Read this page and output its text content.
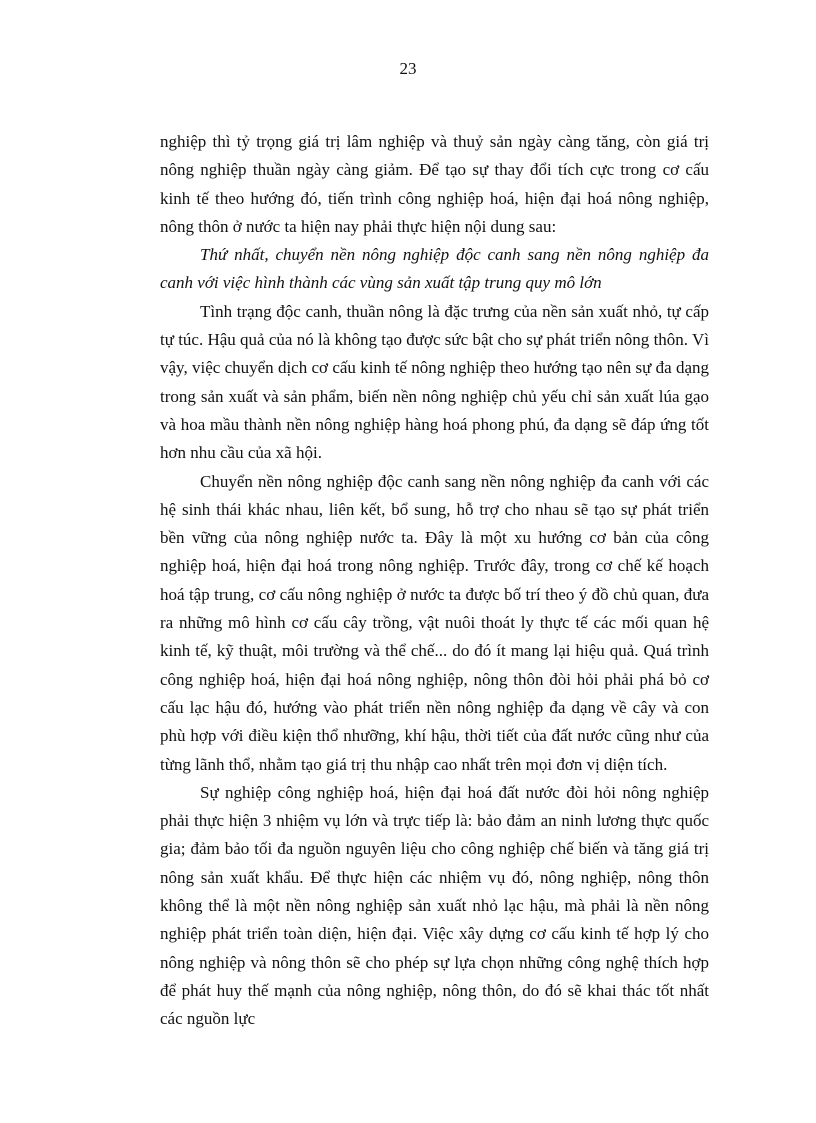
23

nghiệp thì tỷ trọng giá trị lâm nghiệp và thuỷ sản ngày càng tăng, còn giá trị nông nghiệp thuần ngày càng giảm. Để tạo sự thay đổi tích cực trong cơ cấu kinh tế theo hướng đó, tiến trình công nghiệp hoá, hiện đại hoá nông nghiệp, nông thôn ở nước ta hiện nay phải thực hiện nội dung sau:

Thứ nhất, chuyển nền nông nghiệp độc canh sang nền nông nghiệp đa canh với việc hình thành các vùng sản xuất tập trung quy mô lớn

Tình trạng độc canh, thuần nông là đặc trưng của nền sản xuất nhỏ, tự cấp tự túc. Hậu quả của nó là không tạo được sức bật cho sự phát triển nông thôn. Vì vậy, việc chuyển dịch cơ cấu kinh tế nông nghiệp theo hướng tạo nên sự đa dạng trong sản xuất và sản phẩm, biến nền nông nghiệp chủ yếu chỉ sản xuất lúa gạo và hoa mầu thành nền nông nghiệp hàng hoá phong phú, đa dạng sẽ đáp ứng tốt hơn nhu cầu của xã hội.

Chuyển nền nông nghiệp độc canh sang nền nông nghiệp đa canh với các hệ sinh thái khác nhau, liên kết, bổ sung, hỗ trợ cho nhau sẽ tạo sự phát triển bền vững của nông nghiệp nước ta. Đây là một xu hướng cơ bản của công nghiệp hoá, hiện đại hoá trong nông nghiệp. Trước đây, trong cơ chế kế hoạch hoá tập trung, cơ cấu nông nghiệp ở nước ta được bố trí theo ý đồ chủ quan, đưa ra những mô hình cơ cấu cây trồng, vật nuôi thoát ly thực tế các mối quan hệ kinh tế, kỹ thuật, môi trường và thể chế... do đó ít mang lại hiệu quả. Quá trình công nghiệp hoá, hiện đại hoá nông nghiệp, nông thôn đòi hỏi phải phá bỏ cơ cấu lạc hậu đó, hướng vào phát triển nền nông nghiệp đa dạng về cây và con phù hợp với điều kiện thổ nhưỡng, khí hậu, thời tiết của đất nước cũng như của từng lãnh thổ, nhằm tạo giá trị thu nhập cao nhất trên mọi đơn vị diện tích.

Sự nghiệp công nghiệp hoá, hiện đại hoá đất nước đòi hỏi nông nghiệp phải thực hiện 3 nhiệm vụ lớn và trực tiếp là: bảo đảm an ninh lương thực quốc gia; đảm bảo tối đa nguồn nguyên liệu cho công nghiệp chế biến và tăng giá trị nông sản xuất khẩu. Để thực hiện các nhiệm vụ đó, nông nghiệp, nông thôn không thể là một nền nông nghiệp sản xuất nhỏ lạc hậu, mà phải là nền nông nghiệp phát triển toàn diện, hiện đại. Việc xây dựng cơ cấu kinh tế hợp lý cho nông nghiệp và nông thôn sẽ cho phép sự lựa chọn những công nghệ thích hợp để phát huy thế mạnh của nông nghiệp, nông thôn, do đó sẽ khai thác tốt nhất các nguồn lực
